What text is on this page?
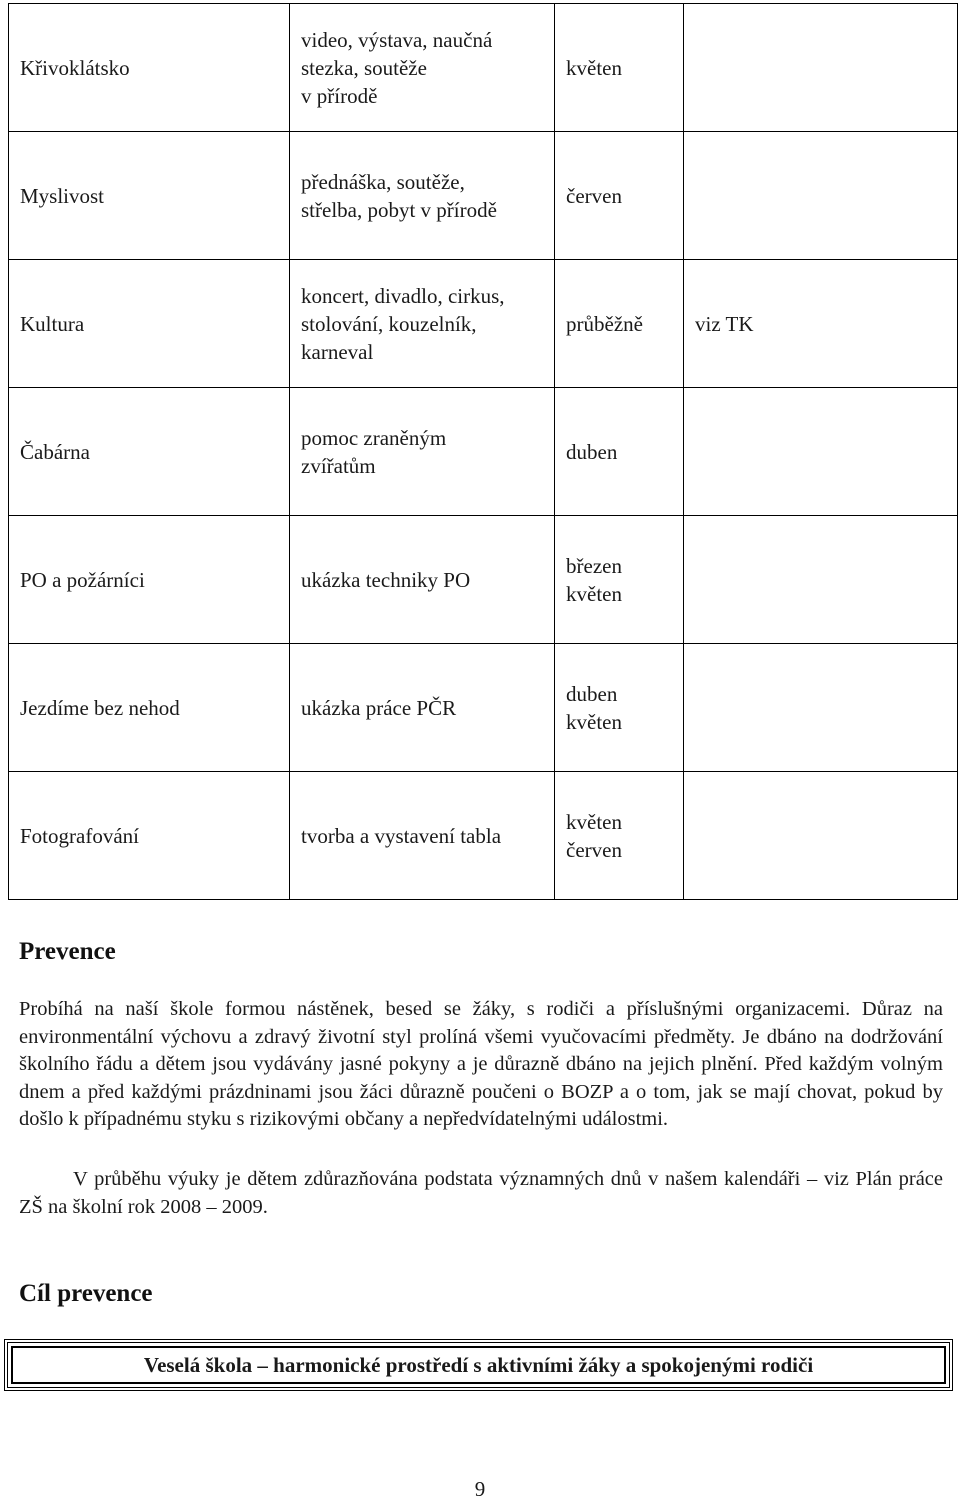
Křivoklátsko	video, výstava, naučná
stezka, soutěže
v přírodě	květen	
Myslivost	přednáška, soutěže,
střelba, pobyt v přírodě	červen	
Kultura	koncert, divadlo, cirkus,
stolování, kouzelník,
karneval	průběžně	viz TK
Čabárna	pomoc zraněným
zvířatům	duben	
PO a požárníci	ukázka techniky PO	březen
květen	
Jezdíme bez nehod	ukázka práce PČR	duben
květen	
Fotografování	tvorba a vystavení tabla	květen
červen	
Prevence

Probíhá na naší škole formou nástěnek, besed se žáky, s rodiči a příslušnými organizacemi. Důraz na environmentální výchovu a zdravý životní styl prolíná všemi vyučovacími předměty. Je dbáno na dodržování školního řádu a dětem jsou vydávány jasné pokyny a je důrazně dbáno na jejich plnění. Před každým volným dnem a před každými prázdninami jsou žáci důrazně poučeni o BOZP a o tom, jak se mají chovat, pokud by došlo k případnému styku s rizikovými občany a nepředvídatelnými událostmi.

V průběhu výuky je dětem zdůrazňována podstata významných dnů v našem kalendáři – viz Plán práce ZŠ na školní rok 2008 – 2009.

Cíl prevence
Veselá škola – harmonické prostředí s aktivními žáky a spokojenými rodiči
9
